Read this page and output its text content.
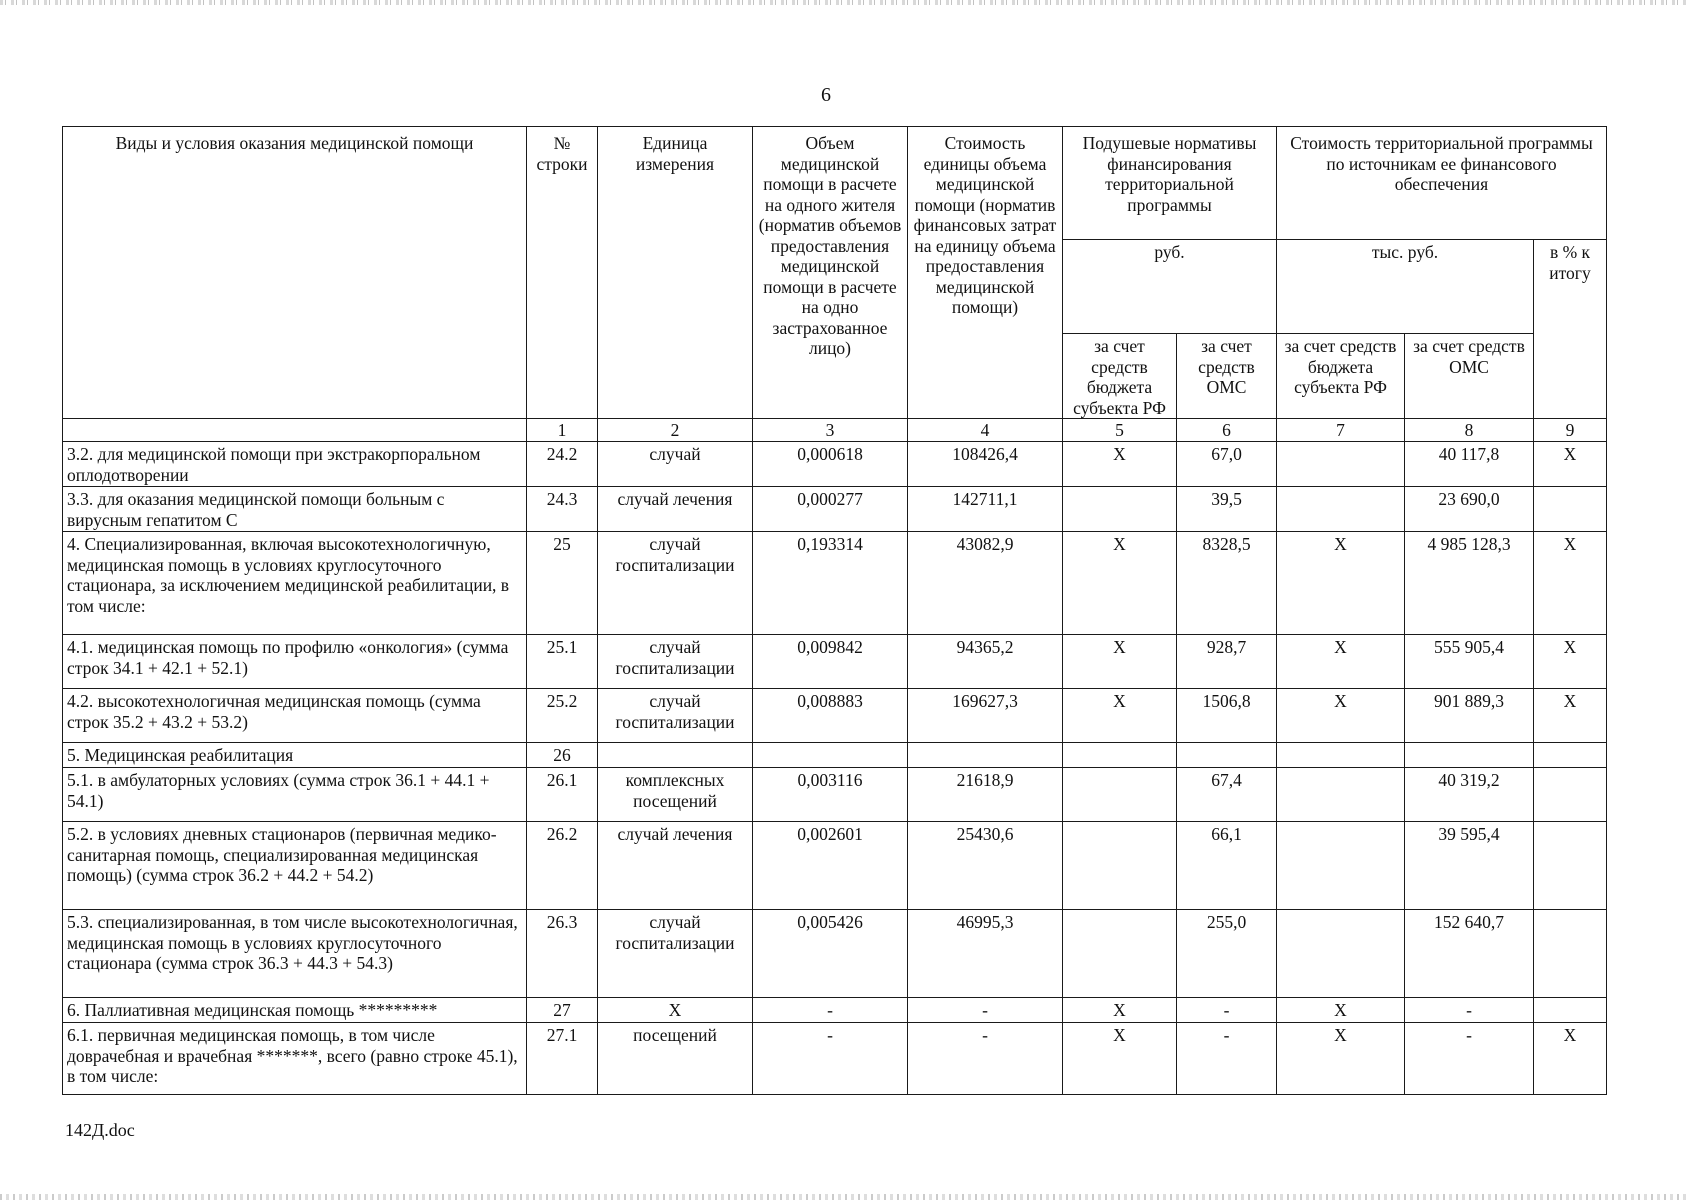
6
Виды и условия оказания медицинской помощи	№ строки	Единица измерения	Объем медицинской помощи в расчете на одного жителя (норматив объемов предоставления медицинской помощи в расчете на одно застрахованное лицо)	Стоимость единицы объема медицинской помощи (норматив финансовых затрат на единицу объема предоставления медицинской помощи)	Подушевые нормативы финансирования территориальной программы		Стоимость территориальной программы по источникам ее финансового обеспечения		
					руб.		тыс. руб.		в % к итогу
					за счет средств бюджета субъекта РФ	за счет средств ОМС	за счет средств бюджета субъекта РФ	за счет средств ОМС	
	1	2	3	4	5	6	7	8	9
3.2. для медицинской помощи при экстракорпоральном оплодотворении	24.2	случай	0,000618	108426,4	X	67,0		40 117,8	X
3.3. для оказания медицинской помощи больным с вирусным гепатитом С	24.3	случай лечения	0,000277	142711,1		39,5		23 690,0	
4. Специализированная, включая высокотехнологичную, медицинская помощь в условиях круглосуточного стационара, за исключением медицинской реабилитации, в том числе:	25	случай госпитализации	0,193314	43082,9	X	8328,5	X	4 985 128,3	X
4.1. медицинская помощь по профилю «онкология» (сумма строк 34.1 + 42.1 + 52.1)	25.1	случай госпитализации	0,009842	94365,2	X	928,7	X	555 905,4	X
4.2. высокотехнологичная медицинская помощь (сумма строк 35.2 + 43.2 + 53.2)	25.2	случай госпитализации	0,008883	169627,3	X	1506,8	X	901 889,3	X
5. Медицинская реабилитация	26								
5.1. в амбулаторных условиях (сумма строк 36.1 + 44.1 + 54.1)	26.1	комплексных посещений	0,003116	21618,9		67,4		40 319,2	
5.2. в условиях дневных стационаров (первичная медико-санитарная помощь, специализированная медицинская помощь) (сумма строк 36.2 + 44.2 + 54.2)	26.2	случай лечения	0,002601	25430,6		66,1		39 595,4	
5.3. специализированная, в том числе высокотехнологичная, медицинская помощь в условиях круглосуточного стационара (сумма строк 36.3 + 44.3 + 54.3)	26.3	случай госпитализации	0,005426	46995,3		255,0		152 640,7	
6. Паллиативная медицинская помощь *********	27	X	-	-	X	-	X	-	
6.1. первичная медицинская помощь, в том числе доврачебная и врачебная *******, всего (равно строке 45.1), в том числе:	27.1	посещений	-	-	X	-	X	-	X
142Д.doc
